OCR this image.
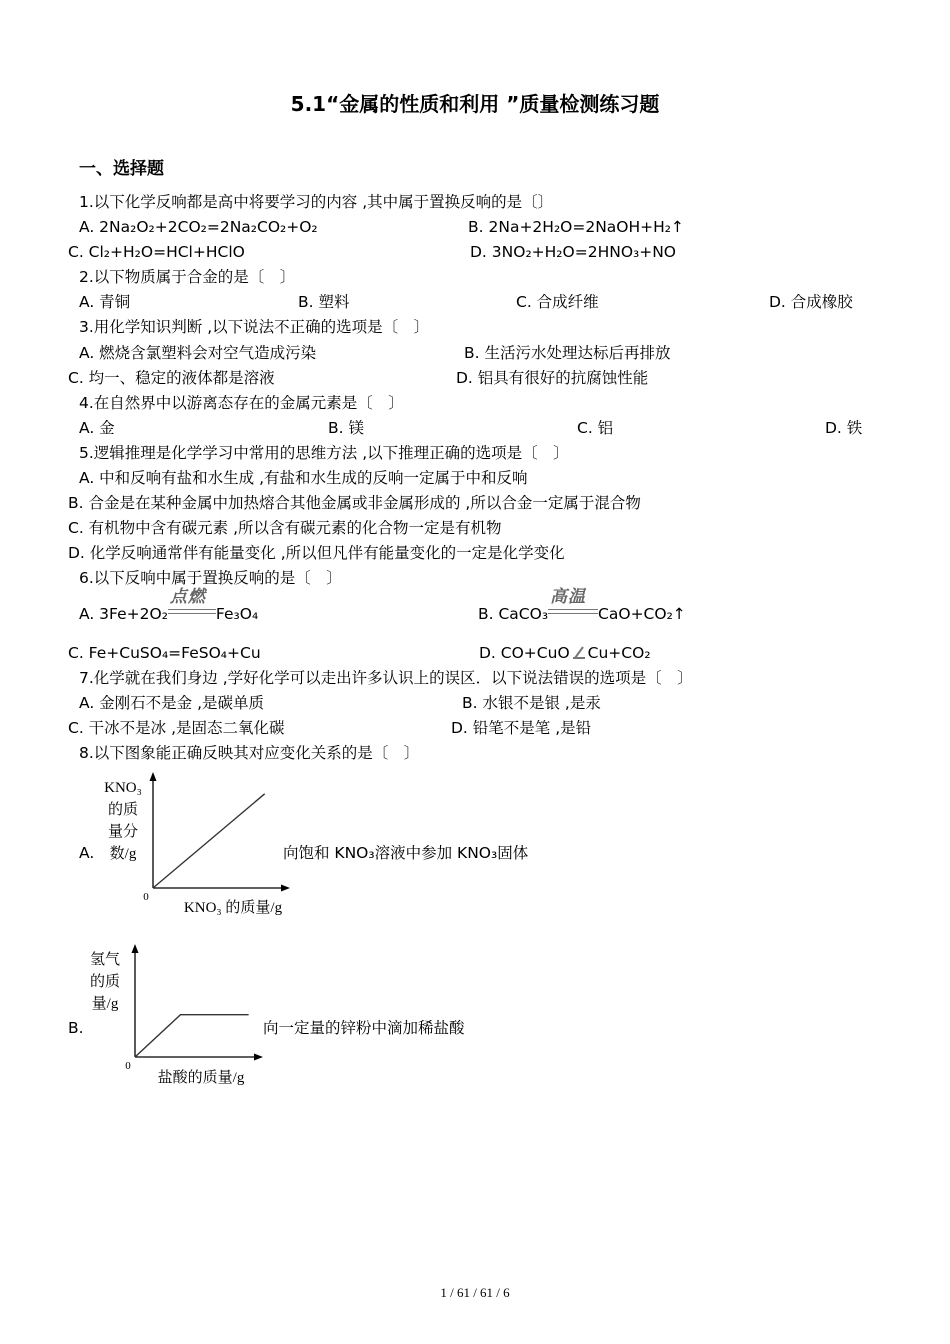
5.1“金属的性质和利用 ”质量检测练习题
一、选择题
1.以下化学反响都是高中将要学习的内容 ,其中属于置换反响的是〔〕
A. 2Na₂O₂+2CO₂=2Na₂CO₂+O₂	B. 2Na+2H₂O=2NaOH+H₂↑
C. Cl₂+H₂O=HCl+HClO	D. 3NO₂+H₂O=2HNO₃+NO
2.以下物质属于合金的是〔　〕
A. 青铜	B. 塑料	C. 合成纤维	D. 合成橡胶
3.用化学知识判断 ,以下说法不正确的选项是〔　〕
A. 燃烧含氯塑料会对空气造成污染	B. 生活污水处理达标后再排放
C. 均一、稳定的液体都是溶液	D. 铝具有很好的抗腐蚀性能
4.在自然界中以游离态存在的金属元素是〔　〕
A. 金	B. 镁	C. 铝	D. 铁
5.逻辑推理是化学学习中常用的思维方法 ,以下推理正确的选项是〔　〕
A. 中和反响有盐和水生成 ,有盐和水生成的反响一定属于中和反响
B. 合金是在某种金属中加热熔合其他金属或非金属形成的 ,所以合金一定属于混合物
C. 有机物中含有碳元素 ,所以含有碳元素的化合物一定是有机物
D. 化学反响通常伴有能量变化 ,所以但凡伴有能量变化的一定是化学变化
6.以下反响中属于置换反响的是〔　〕
A. 3Fe+2O₂
点燃
Fe₃O₄	B. CaCO₃
高温
CaO+CO₂↑
C. Fe+CuSO₄=FeSO₄+Cu	D. CO+CuO Cu+CO₂
7.化学就在我们身边 ,学好化学可以走出许多认识上的误区．以下说法错误的选项是〔　〕
A. 金刚石不是金 ,是碳单质	B. 水银不是银 ,是汞
C. 干冰不是冰 ,是固态二氧化碳	D. 铅笔不是笔 ,是铅
8.以下图象能正确反映其对应变化关系的是〔　〕
A.	向饱和 KNO₃溶液中参加 KNO₃固体
KNO₃
的质
量分
数/g
0
KNO₃ 的质量/g
B.	向一定量的锌粉中滴加稀盐酸
氢气
的质
量/g
0
盐酸的质量/g
1 / 61 / 61 / 6
